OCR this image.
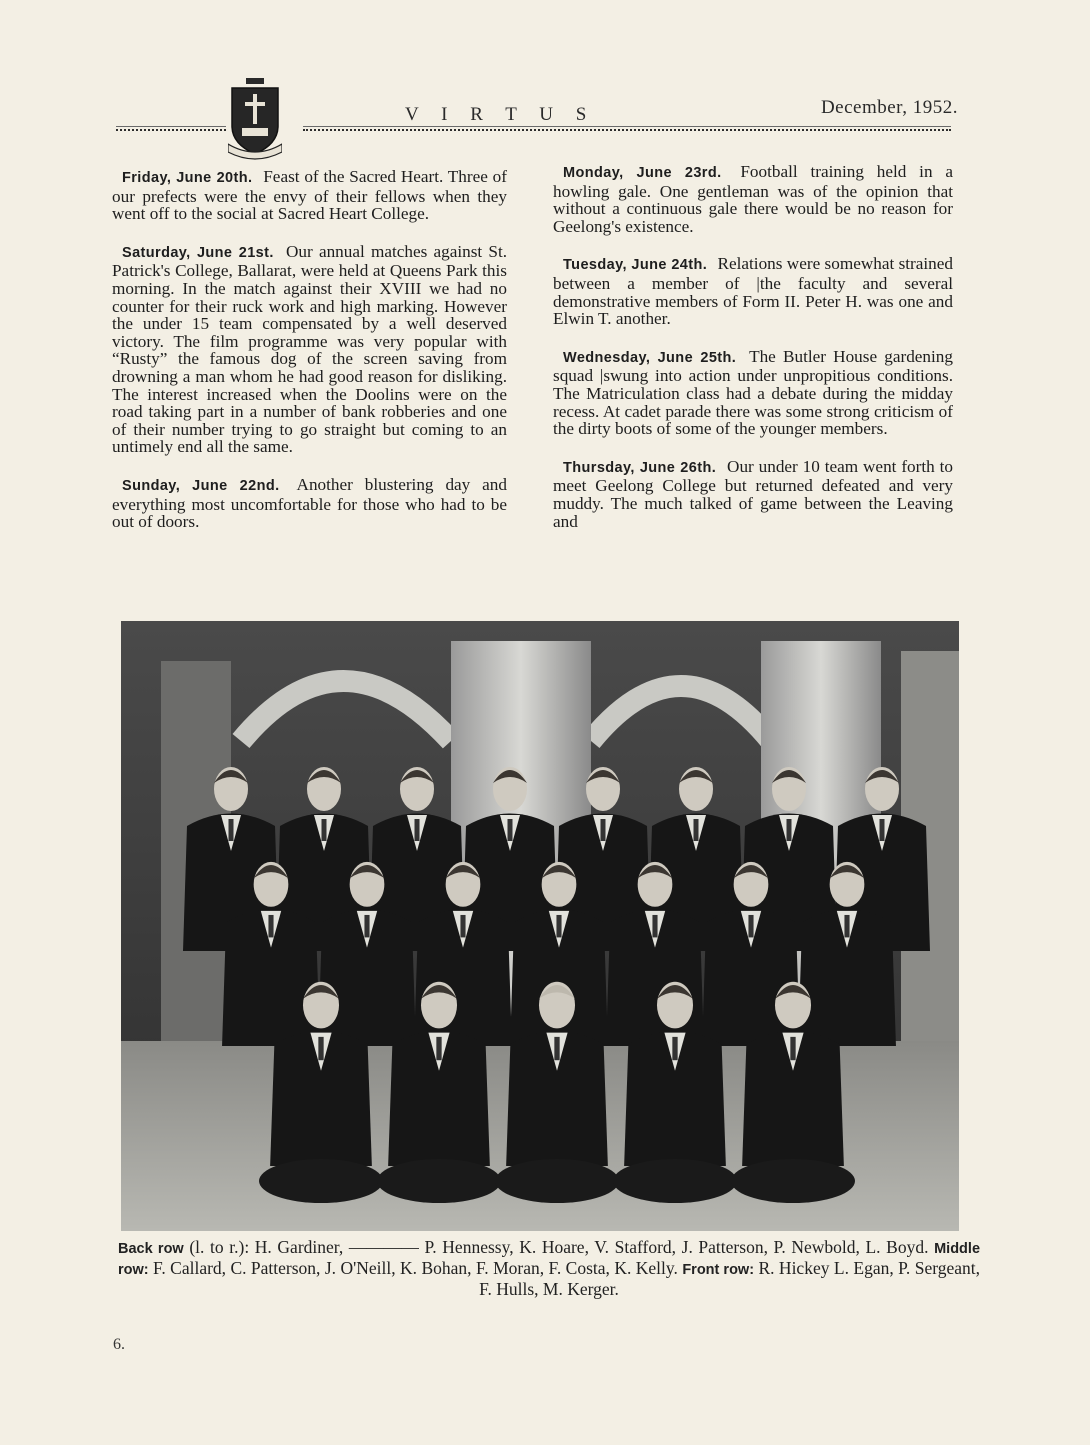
V I R T U S	December, 1952.

Friday, June 20th. Feast of the Sacred Heart. Three of our prefects were the envy of their fellows when they went off to the social at Sacred Heart College.

Saturday, June 21st. Our annual matches against St. Patrick's College, Ballarat, were held at Queens Park this morning. In the match against their XVIII we had no counter for their ruck work and high marking. However the under 15 team compensated by a well deserved victory. The film programme was very popular with “Rusty” the famous dog of the screen saving from drowning a man whom he had good reason for disliking. The interest increased when the Doolins were on the road taking part in a number of bank robberies and one of their number trying to go straight but coming to an untimely end all the same.

Sunday, June 22nd. Another blustering day and everything most uncomfortable for those who had to be out of doors.

Monday, June 23rd. Football training held in a howling gale. One gentleman was of the opinion that without a continuous gale there would be no reason for Geelong's existence.

Tuesday, June 24th. Relations were somewhat strained between a member of |the faculty and several demonstrative members of Form II. Peter H. was one and Elwin T. another.

Wednesday, June 25th. The Butler House gardening squad |swung into action under unpropitious conditions. The Matriculation class had a debate during the midday recess. At cadet parade there was some strong criticism of the dirty boots of some of the younger members.

Thursday, June 26th. Our under 10 team went forth to meet Geelong College but returned defeated and very muddy. The much talked of game between the Leaving and

Back row (l. to r.): H. Gardiner, ———— P. Hennessy, K. Hoare, V. Stafford, J. Patterson, P. Newbold, L. Boyd. Middle row: F. Callard, C. Patterson, J. O'Neill, K. Bohan, F. Moran, F. Costa, K. Kelly. Front row: R. Hickey L. Egan, P. Sergeant, F. Hulls, M. Kerger.
6.
